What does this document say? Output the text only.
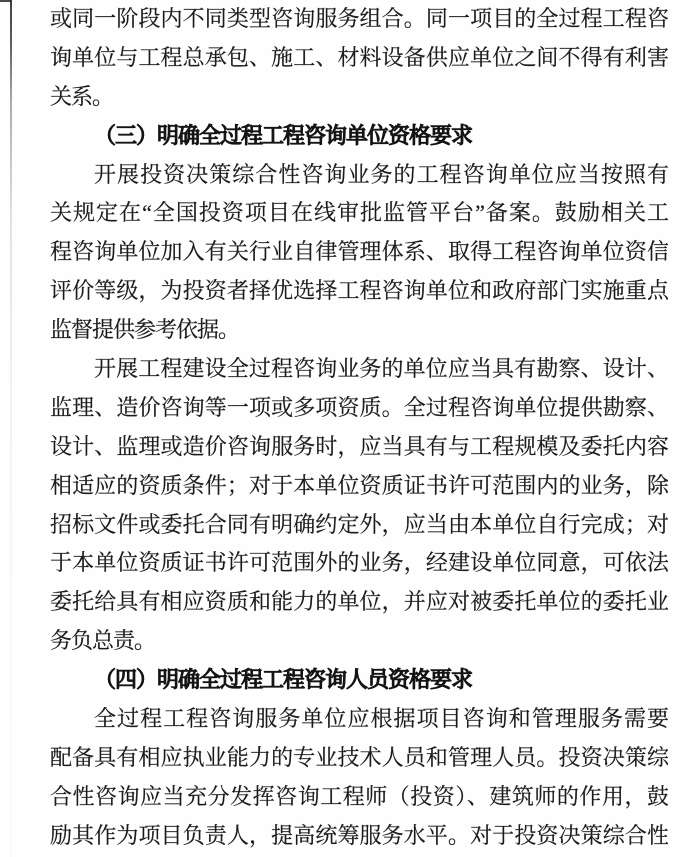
或同一阶段内不同类型咨询服务组合。同一项目的全过程工程咨
询单位与工程总承包、施工、材料设备供应单位之间不得有利害
关系。
（三）明确全过程工程咨询单位资格要求
开展投资决策综合性咨询业务的工程咨询单位应当按照有
关规定在“全国投资项目在线审批监管平台”备案。鼓励相关工
程咨询单位加入有关行业自律管理体系、取得工程咨询单位资信
评价等级，为投资者择优选择工程咨询单位和政府部门实施重点
监督提供参考依据。
开展工程建设全过程咨询业务的单位应当具有勘察、设计、
监理、造价咨询等一项或多项资质。全过程咨询单位提供勘察、
设计、监理或造价咨询服务时，应当具有与工程规模及委托内容
相适应的资质条件；对于本单位资质证书许可范围内的业务，除
招标文件或委托合同有明确约定外，应当由本单位自行完成；对
于本单位资质证书许可范围外的业务，经建设单位同意，可依法
委托给具有相应资质和能力的单位，并应对被委托单位的委托业
务负总责。
（四）明确全过程工程咨询人员资格要求
全过程工程咨询服务单位应根据项目咨询和管理服务需要
配备具有相应执业能力的专业技术人员和管理人员。投资决策综
合性咨询应当充分发挥咨询工程师（投资）、建筑师的作用，鼓
励其作为项目负责人，提高统筹服务水平。对于投资决策综合性
